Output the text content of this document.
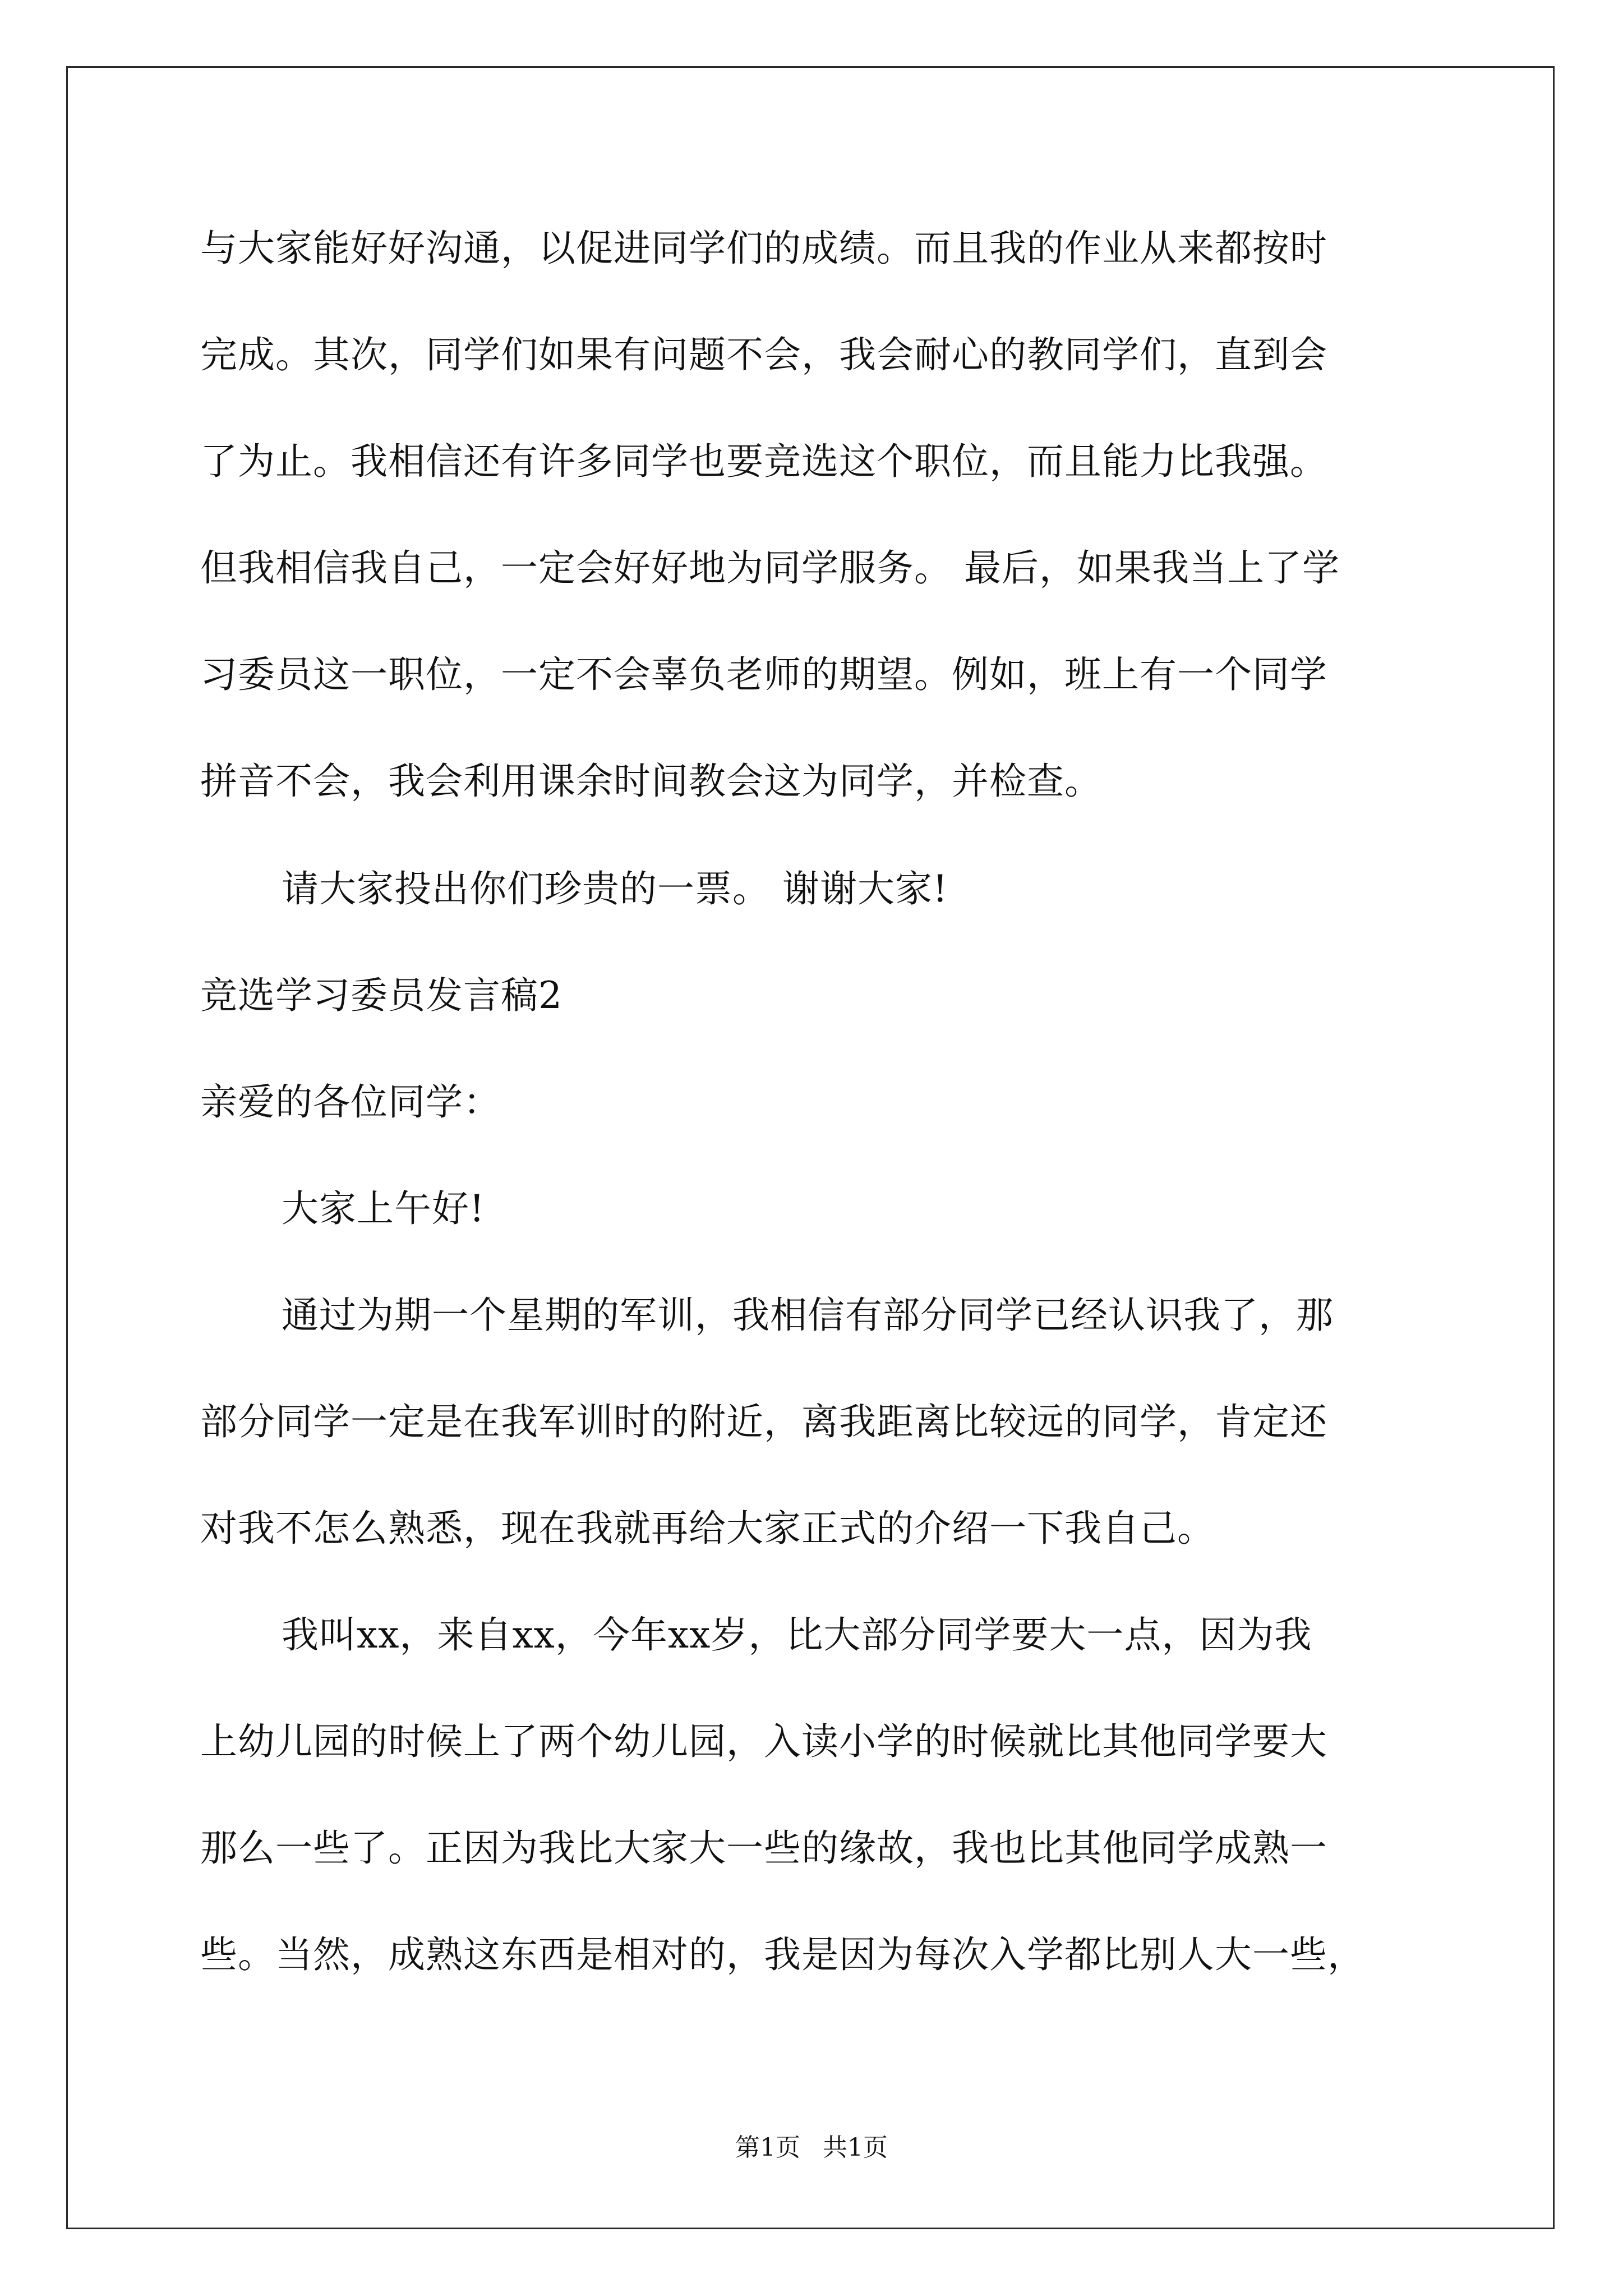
与大家能好好沟通，以促进同学们的成绩。而且我的作业从来都按时
完成。其次，同学们如果有问题不会，我会耐心的教同学们，直到会
了为止。我相信还有许多同学也要竞选这个职位，而且能力比我强。
但我相信我自己，一定会好好地为同学服务。 最后，如果我当上了学
习委员这一职位，一定不会辜负老师的期望。例如，班上有一个同学
拼音不会，我会利用课余时间教会这为同学，并检查。
请大家投出你们珍贵的一票。 谢谢大家!
竞选学习委员发言稿2
亲爱的各位同学：
大家上午好!
通过为期一个星期的军训，我相信有部分同学已经认识我了，那
部分同学一定是在我军训时的附近，离我距离比较远的同学，肯定还
对我不怎么熟悉，现在我就再给大家正式的介绍一下我自己。
我叫xx，来自xx，今年xx岁，比大部分同学要大一点，因为我
上幼儿园的时候上了两个幼儿园，入读小学的时候就比其他同学要大
那么一些了。正因为我比大家大一些的缘故，我也比其他同学成熟一
些。当然，成熟这东西是相对的，我是因为每次入学都比别人大一些，
第1页 共1页
